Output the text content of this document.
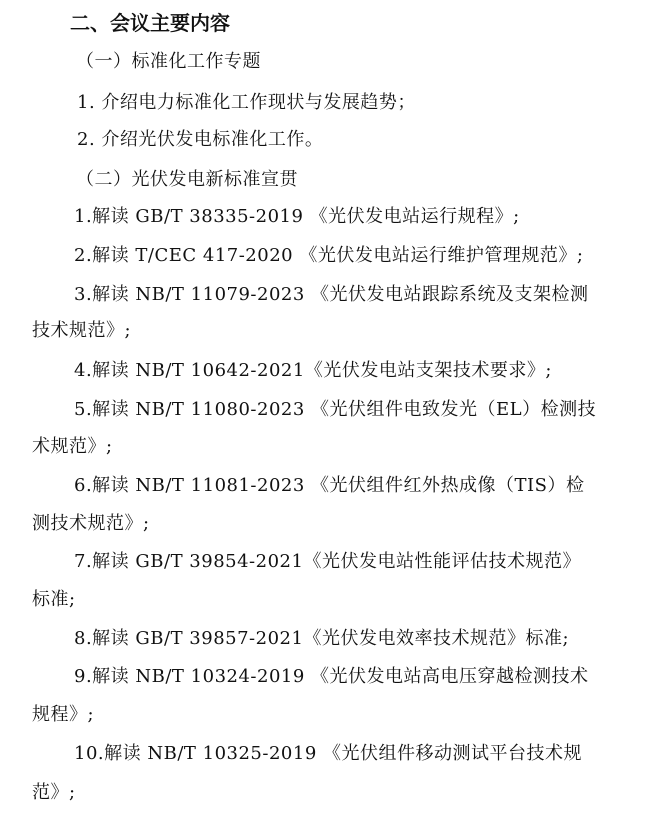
二、会议主要内容
（一）标准化工作专题
1. 介绍电力标准化工作现状与发展趋势；
2. 介绍光伏发电标准化工作。
（二）光伏发电新标准宣贯
1.解读 GB/T 38335-2019 《光伏发电站运行规程》;
2.解读 T/CEC 417-2020 《光伏发电站运行维护管理规范》;
3.解读 NB/T 11079-2023 《光伏发电站跟踪系统及支架检测
技术规范》;
4.解读 NB/T 10642-2021《光伏发电站支架技术要求》;
5.解读 NB/T 11080-2023 《光伏组件电致发光（EL）检测技
术规范》;
6.解读 NB/T 11081-2023 《光伏组件红外热成像（TIS）检
测技术规范》;
7.解读 GB/T 39854-2021《光伏发电站性能评估技术规范》
标准;
8.解读 GB/T 39857-2021《光伏发电效率技术规范》标准;
9.解读 NB/T 10324-2019 《光伏发电站高电压穿越检测技术
规程》;
10.解读 NB/T 10325-2019 《光伏组件移动测试平台技术规
范》;
